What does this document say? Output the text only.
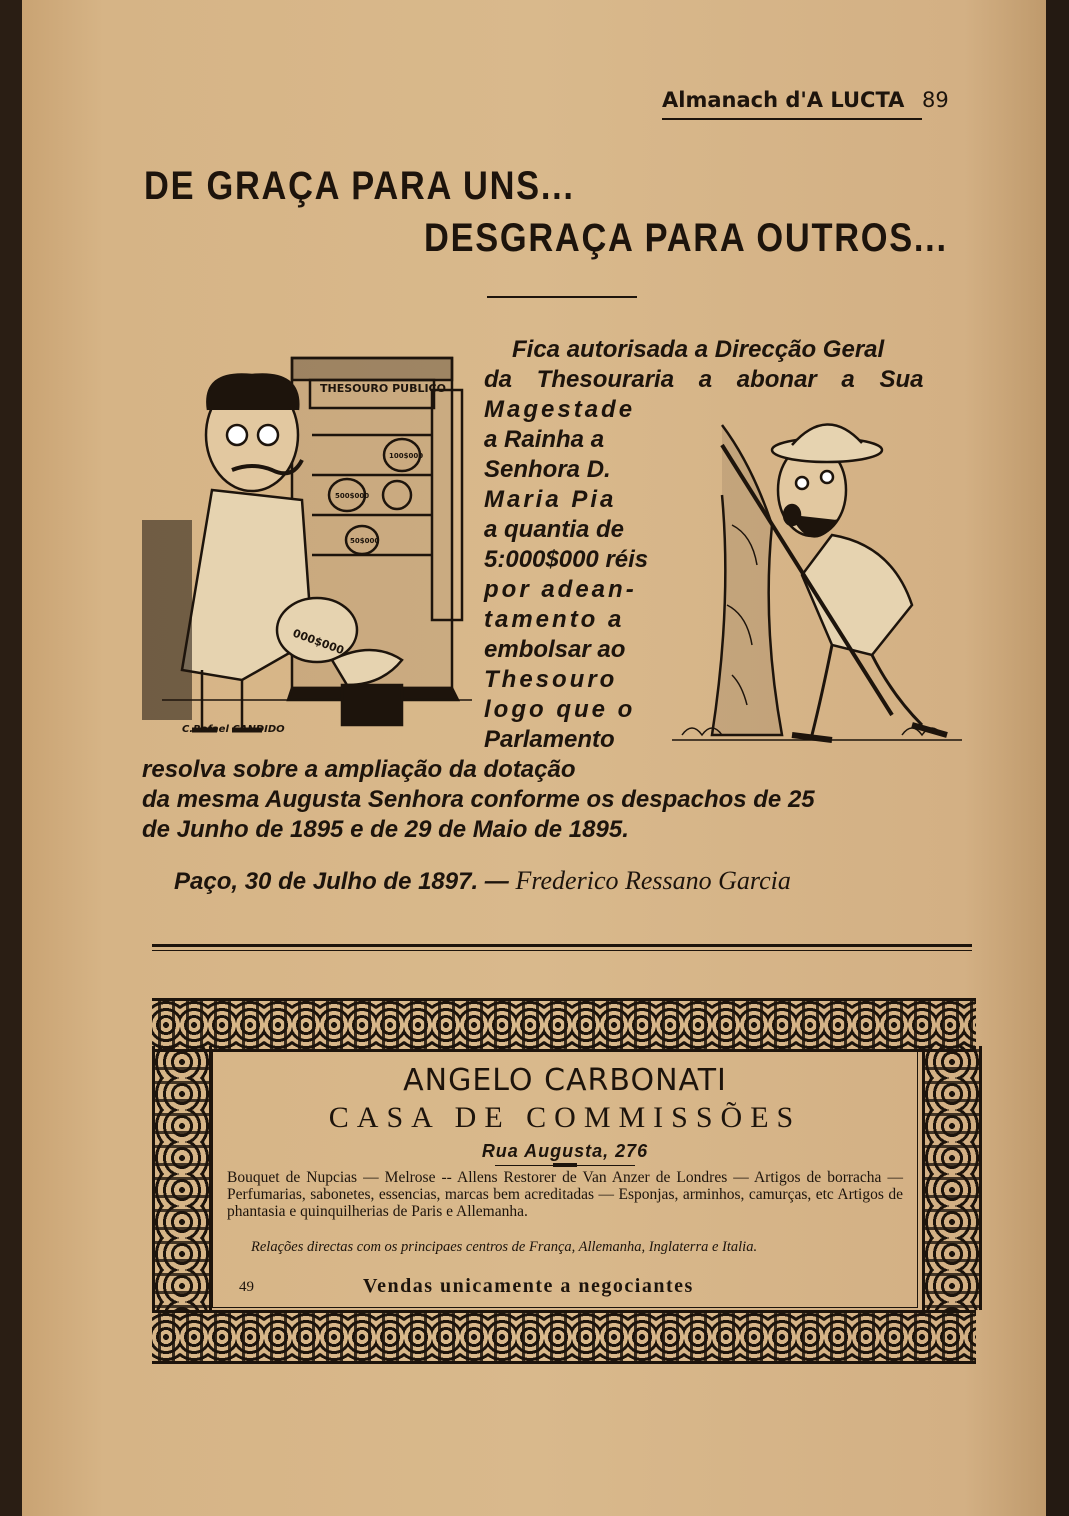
Almanach d'A LUCTA 89
DE GRAÇA PARA UNS...
DESGRAÇA PARA OUTROS...
Fica autorisada a Direcção Geral
da Thesouraria a abonar a Sua
Magestade
a Rainha a
Senhora D.
Maria Pia
a quantia de
5:000$000 réis
por adean-
tamento a
embolsar ao
Thesouro
logo que o
Parlamento
resolva sobre a ampliação da dotação
da mesma Augusta Senhora conforme os despachos de 25
de Junho de 1895 e de 29 de Maio de 1895.
Paço, 30 de Julho de 1897. — Frederico Ressano Garcia
THESOURO PUBLICO
000$000
100$000
500$000
50$000
C.Rafael CANDIDO
ANGELO CARBONATI
CASA DE COMMISSÕES
Rua Augusta, 276
Bouquet de Nupcias — Melrose -- Allens Restorer de Van Anzer de Londres — Artigos de borracha — Perfumarias, sabonetes, essencias, marcas bem acreditadas — Esponjas, arminhos, camurças, etc Artigos de phantasia e quinquilherias de Paris e Allemanha.
Relações directas com os principaes centros de França, Allemanha, Inglaterra e Italia.
49	Vendas unicamente a negociantes
